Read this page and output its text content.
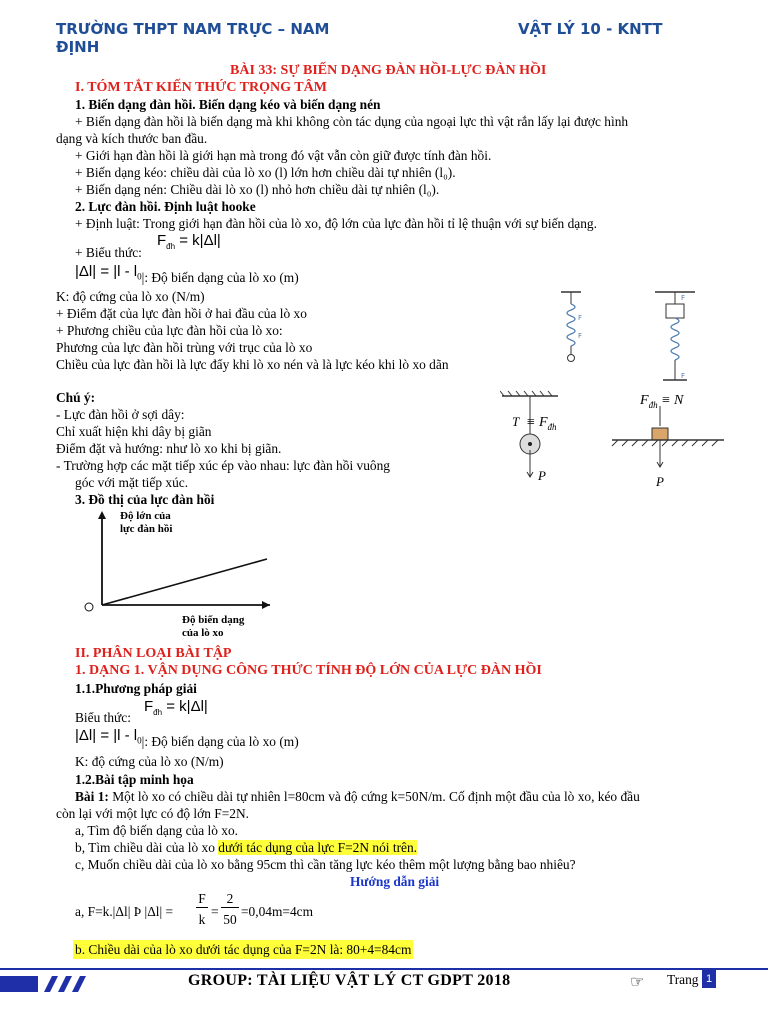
TRƯỜNG THPT NAM TRỰC – NAM
ĐỊNH
VẬT LÝ 10 - KNTT
BÀI 33: SỰ BIẾN DẠNG ĐÀN HỒI-LỰC ĐÀN HỒI
I. TÓM TẮT KIẾN THỨC TRỌNG TÂM
1. Biến dạng đàn hồi. Biến dạng kéo và biến dạng nén
+ Biến dạng đàn hồi là biến dạng mà khi không còn tác dụng của ngoại lực thì vật rắn lấy lại được hình
dạng và kích thước ban đầu.
+ Giới hạn đàn hồi là giới hạn mà trong đó vật vẫn còn giữ được tính đàn hồi.
+ Biến dạng kéo: chiều dài của lò xo (l) lớn hơn chiều dài tự nhiên (l₀).
+ Biến dạng nén: Chiều dài lò xo (l) nhỏ hơn chiều dài tự nhiên (l₀).
2. Lực đàn hồi. Định luật hooke
+ Định luật: Trong giới hạn đàn hồi của lò xo, độ lớn của lực đàn hồi tỉ lệ thuận với sự biến dạng.
+ Biểu thức:
$F_{đh} = k|\Delta l|$
$|\Delta l| = |l - l_0|$: Độ biến dạng của lò xo (m)
K: độ cứng của lò xo (N/m)
+ Điểm đặt của lực đàn hồi ở hai đầu của lò xo
+ Phương chiều của lực đàn hồi của lò xo:
Phương của lực đàn hồi trùng với trục của lò xo
Chiều của lực đàn hồi là lực đẩy khi lò xo nén và là lực kéo khi lò xo dãn
Chú ý:
- Lực đàn hồi ở sợi dây:
Chỉ xuất hiện khi dây bị giãn
Điểm đặt và hướng: như lò xo khi bị giãn.
- Trường hợp các mặt tiếp xúc ép vào nhau: lực đàn hồi vuông
góc với mặt tiếp xúc.
3. Đồ thị của lực đàn hồi
F
F
F
F
T
P
≡ $F_{đh}$
P
$F_{đh} \equiv N$
Độ lớn của
lực đàn hồi
Độ biến dạng
của lò xo
II. PHÂN LOẠI BÀI TẬP
1. DẠNG 1. VẬN DỤNG CÔNG THỨC TÍNH ĐỘ LỚN CỦA LỰC ĐÀN HỒI
1.1.Phương pháp giải
Biểu thức:
$F_{đh} = k|\Delta l|$
$|\Delta l| = |l - l_0|$: Độ biến dạng của lò xo (m)
K: độ cứng của lò xo (N/m)
1.2.Bài tập minh họa
Bài 1: Một lò xo có chiều dài tự nhiên l=80cm và độ cứng k=50N/m. Cố định một đầu của lò xo, kéo đầu
còn lại với một lực có độ lớn F=2N.
a, Tìm độ biến dạng của lò xo.
b, Tìm chiều dài của lò xo dưới tác dụng của lực F=2N nói trên.
c, Muốn chiều dài của lò xo bằng 95cm thì cần tăng lực kéo thêm một lượng bằng bao nhiêu?
Hướng dẫn giải
a, F=k.|Δl| Þ |Δl| =
F
k
=
2
50
=0,04m=4cm
b. Chiều dài của lò xo dưới tác dụng của F=2N là: 80+4=84cm
GROUP: TÀI LIỆU VẬT LÝ CT GDPT 2018	☞ Trang 1
